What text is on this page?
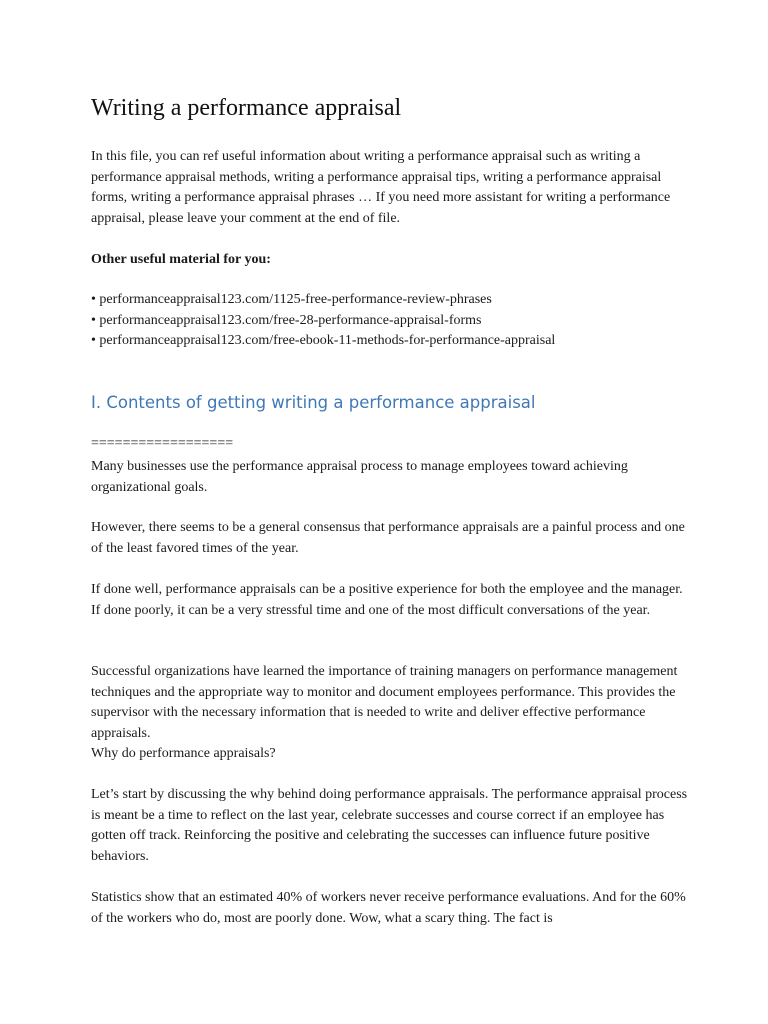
Writing a performance appraisal

In this file, you can ref useful information about writing a performance appraisal such as writing a performance appraisal methods, writing a performance appraisal tips, writing a performance appraisal forms, writing a performance appraisal phrases … If you need more assistant for writing a performance appraisal, please leave your comment at the end of file.

Other useful material for you:

• performanceappraisal123.com/1125-free-performance-review-phrases
• performanceappraisal123.com/free-28-performance-appraisal-forms
• performanceappraisal123.com/free-ebook-11-methods-for-performance-appraisal
I. Contents of getting writing a performance appraisal

==================

Many businesses use the performance appraisal process to manage employees toward achieving organizational goals.

However, there seems to be a general consensus that performance appraisals are a painful process and one of the least favored times of the year.

If done well, performance appraisals can be a positive experience for both the employee and the manager. If done poorly, it can be a very stressful time and one of the most difficult conversations of the year.

Successful organizations have learned the importance of training managers on performance management techniques and the appropriate way to monitor and document employees performance. This provides the supervisor with the necessary information that is needed to write and deliver effective performance appraisals.
Why do performance appraisals?

Let’s start by discussing the why behind doing performance appraisals. The performance appraisal process is meant be a time to reflect on the last year, celebrate successes and course correct if an employee has gotten off track. Reinforcing the positive and celebrating the successes can influence future positive behaviors.

Statistics show that an estimated 40% of workers never receive performance evaluations. And for the 60% of the workers who do, most are poorly done. Wow, what a scary thing. The fact is
